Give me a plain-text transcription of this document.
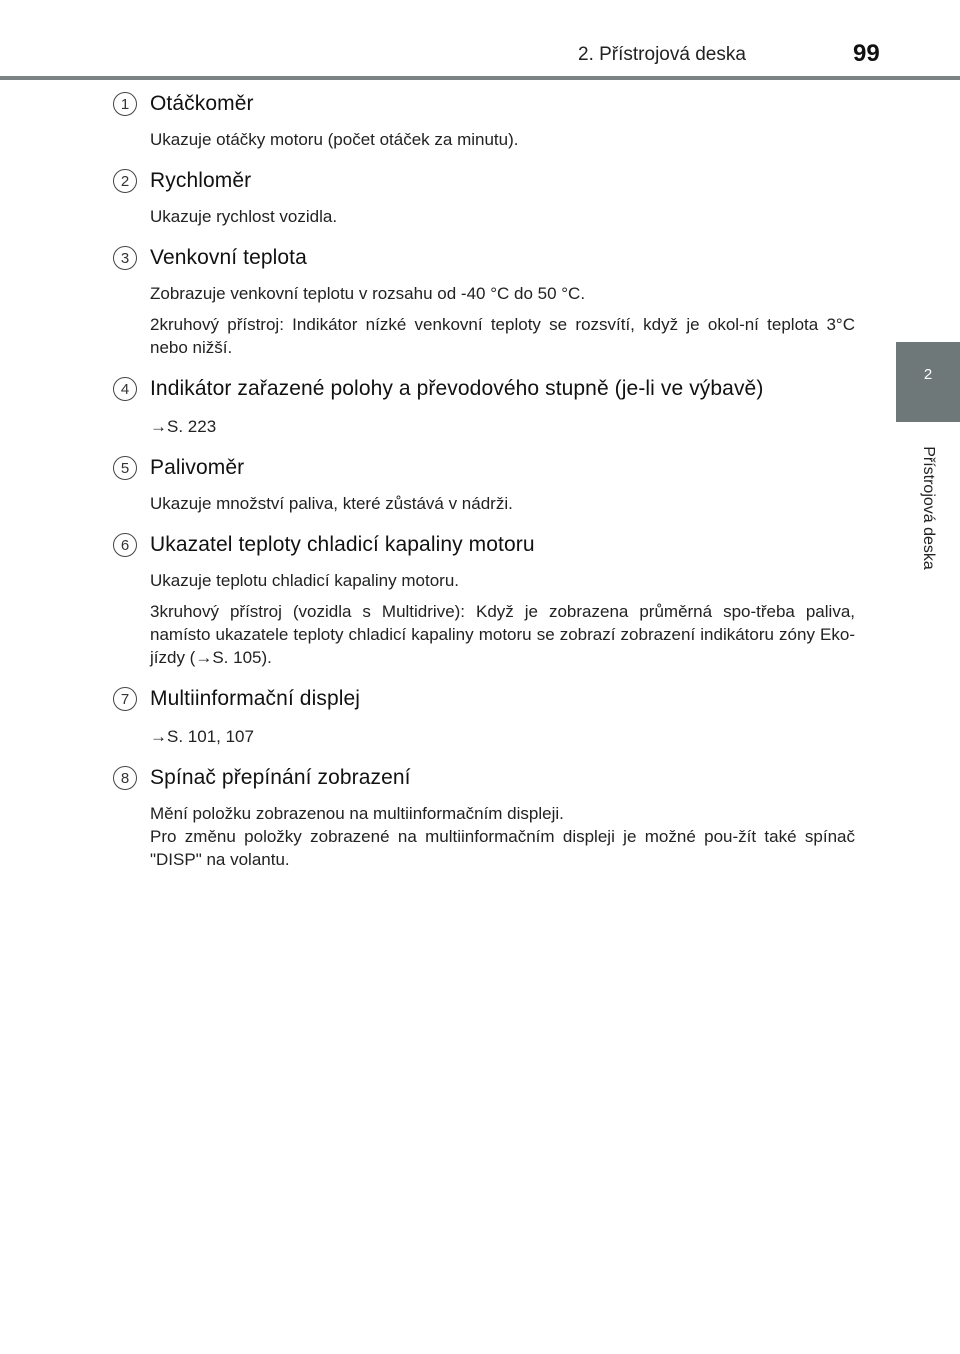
2. Přístrojová deska	99
2
Přístrojová deska
1 Otáčkoměr

Ukazuje otáčky motoru (počet otáček za minutu).

2 Rychloměr

Ukazuje rychlost vozidla.

3 Venkovní teplota

Zobrazuje venkovní teplotu v rozsahu od -40 °C do 50 °C.

2kruhový přístroj: Indikátor nízké venkovní teploty se rozsvítí, když je okol-ní teplota 3°C nebo nižší.

4 Indikátor zařazené polohy a převodového stupně (je-li ve výbavě)

→S. 223

5 Palivoměr

Ukazuje množství paliva, které zůstává v nádrži.

6 Ukazatel teploty chladicí kapaliny motoru

Ukazuje teplotu chladicí kapaliny motoru.

3kruhový přístroj (vozidla s Multidrive): Když je zobrazena průměrná spo-třeba paliva, namísto ukazatele teploty chladicí kapaliny motoru se zobrazí zobrazení indikátoru zóny Eko-jízdy (→S. 105).

7 Multiinformační displej

→S. 101, 107

8 Spínač přepínání zobrazení

Mění položku zobrazenou na multiinformačním displeji.

Pro změnu položky zobrazené na multiinformačním displeji je možné pou-žít také spínač "DISP" na volantu.
